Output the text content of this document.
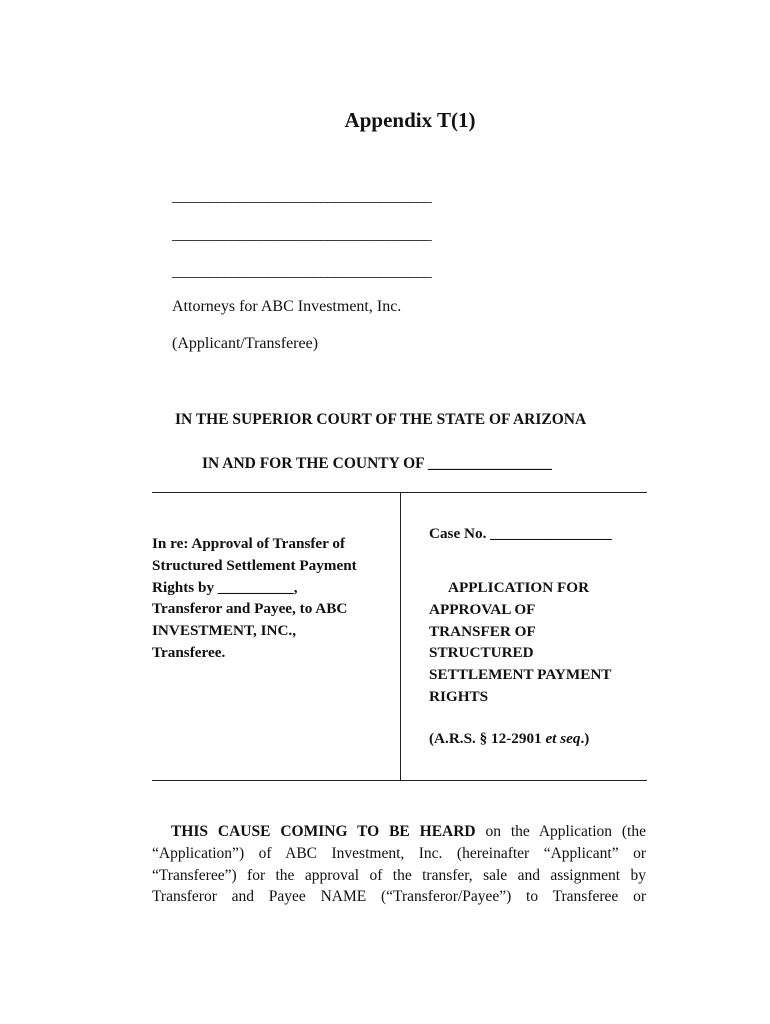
Appendix T(1)
___________________________________
___________________________________
___________________________________
Attorneys for ABC Investment, Inc.
(Applicant/Transferee)
IN THE SUPERIOR COURT OF THE STATE OF ARIZONA
IN AND FOR THE COUNTY OF ________________
In re: Approval of Transfer of
Structured Settlement Payment
Rights by __________,
Transferor and Payee, to ABC
INVESTMENT, INC.,
Transferee.
Case No. ________________
APPLICATION FOR
APPROVAL OF
TRANSFER OF
STRUCTURED
SETTLEMENT PAYMENT
RIGHTS
(A.R.S. § 12-2901 et seq.)
THIS CAUSE COMING TO BE HEARD on the Application (the
“Application”) of ABC Investment, Inc. (hereinafter “Applicant” or
“Transferee”) for the approval of the transfer, sale and assignment by
Transferor and Payee NAME (“Transferor/Payee”) to Transferee or
